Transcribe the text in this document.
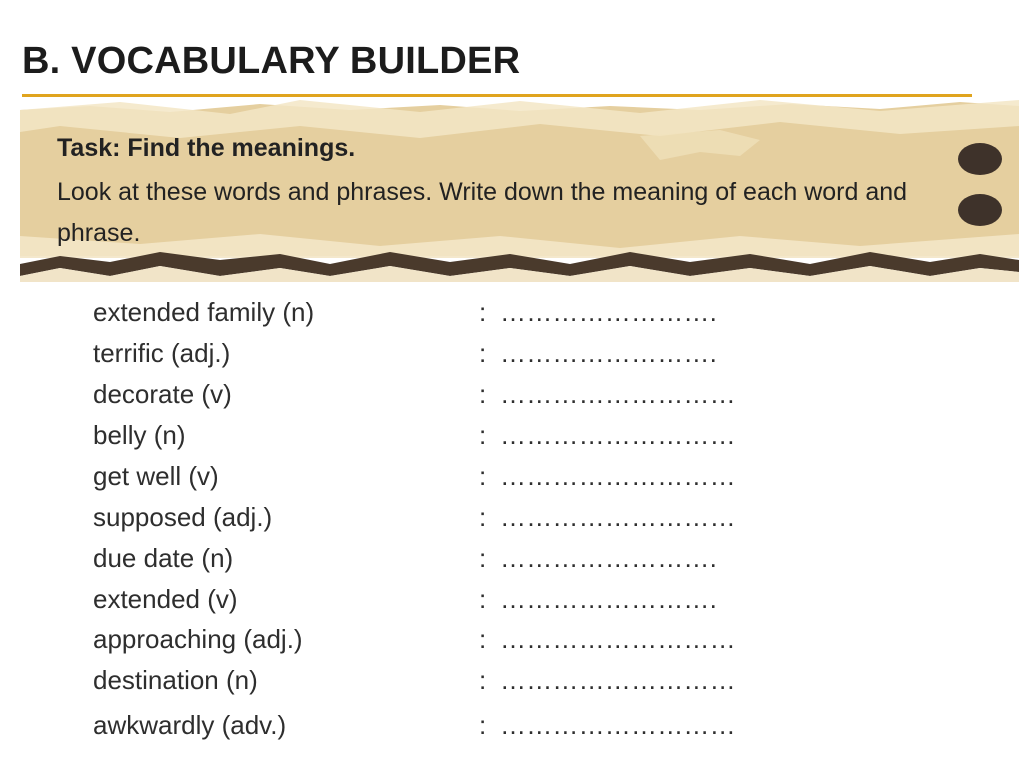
B. VOCABULARY BUILDER
Task: Find the meanings.
Look at these words and phrases. Write down the meaning of each word and phrase.
extended family (n)	: …………………….
terrific (adj.)	: …………………….
decorate (v)	: ………………………
belly (n)	: ………………………
get well (v)	: ………………………
supposed (adj.)	: ………………………
due date (n)	: …………………….
extended (v)	: …………………….
approaching (adj.)	: ………………………
destination (n)	: ………………………
awkwardly (adv.)	: ………………………
